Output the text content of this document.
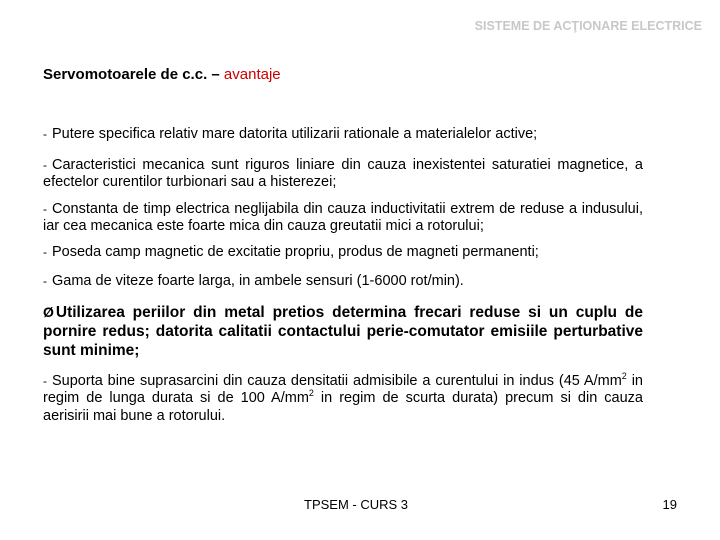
SISTEME DE ACŢIONARE ELECTRICE
Servomotoarele de c.c. – avantaje

- Putere specifica relativ mare datorita utilizarii rationale a materialelor active;

- Caracteristici mecanica sunt riguros liniare din cauza inexistentei saturatiei magnetice, a efectelor curentilor turbionari sau a histerezei;

- Constanta de timp electrica neglijabila din cauza inductivitatii extrem de reduse a indusului, iar cea mecanica este foarte mica din cauza greutatii mici a rotorului;

- Poseda camp magnetic de excitatie propriu, produs de magneti permanenti;

- Gama de viteze foarte larga, in ambele sensuri (1-6000 rot/min).

Ø Utilizarea periilor din metal pretios determina frecari reduse si un cuplu de pornire redus; datorita calitatii contactului perie-comutator emisiile perturbative sunt minime;

- Suporta bine suprasarcini din cauza densitatii admisibile a curentului in indus (45 $A/mm^2$ in regim de lunga durata si de 100 $A/mm^2$ in regim de scurta durata) precum si din cauza aerisirii mai bune a rotorului.

TPSEM - CURS 3	19
